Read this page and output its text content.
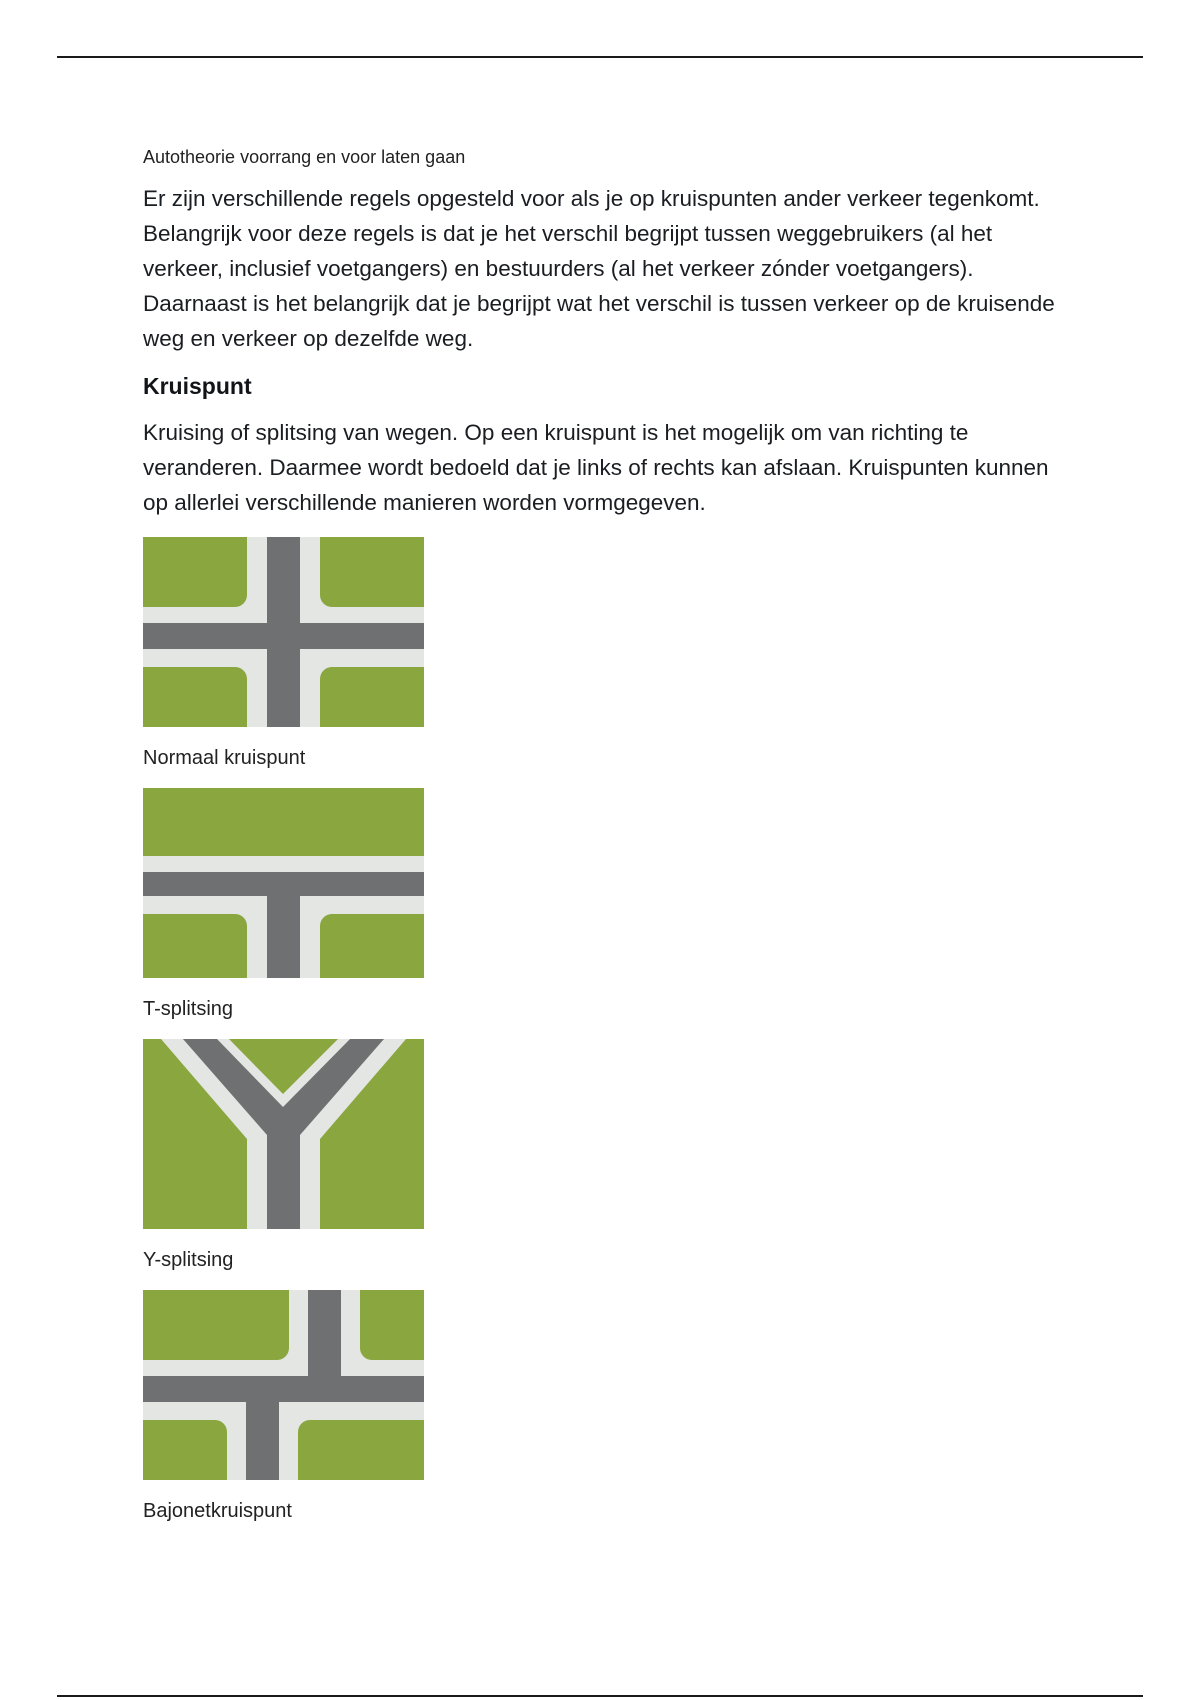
Autotheorie voorrang en voor laten gaan

Er zijn verschillende regels opgesteld voor als je op kruispunten ander verkeer tegenkomt. Belangrijk voor deze regels is dat je het verschil begrijpt tussen weggebruikers (al het verkeer, inclusief voetgangers) en bestuurders (al het verkeer zónder voetgangers). Daarnaast is het belangrijk dat je begrijpt wat het verschil is tussen verkeer op de kruisende weg en verkeer op dezelfde weg.

Kruispunt

Kruising of splitsing van wegen. Op een kruispunt is het mogelijk om van richting te veranderen. Daarmee wordt bedoeld dat je links of rechts kan afslaan. Kruispunten kunnen op allerlei verschillende manieren worden vormgegeven.

Normaal kruispunt

T-splitsing

Y-splitsing

Bajonetkruispunt
